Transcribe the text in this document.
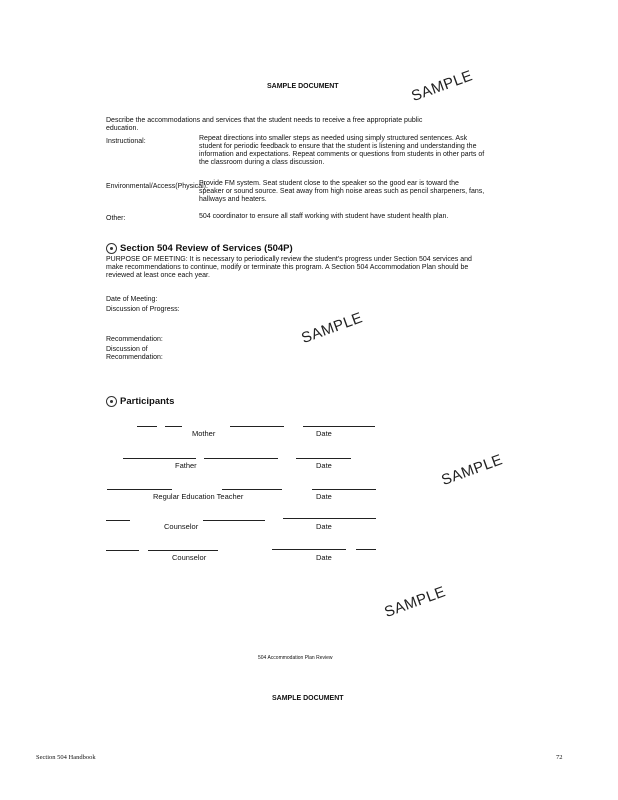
SAMPLE DOCUMENT	SAMPLE
SAMPLE
SAMPLE
SAMPLE
Describe the accommodations and services that the student needs to receive a free appropriate public
education.
Instructional:	Repeat directions into smaller steps as needed using simply structured sentences. Ask
student for periodic feedback to ensure that the student is listening and understanding the
information and expectations. Repeat comments or questions from students in other parts of
the classroom during a class discussion.
Environmental/Access(Physical):
Provide FM system. Seat student close to the speaker so the good ear is toward the
speaker or sound source. Seat away from high noise areas such as pencil sharpeners, fans,
hallways and heaters.
Other:	504 coordinator to ensure all staff working with student have student health plan.
Section 504 Review of Services (504P)
PURPOSE OF MEETING: It is necessary to periodically review the student's progress under Section 504 services and
make recommendations to continue, modify or terminate this program. A Section 504 Accommodation Plan should be
reviewed at least once each year.
Date of Meeting:
Discussion of Progress:
Recommendation:
Discussion of
Recommendation:
Participants
Mother	Date
Father	Date
Regular Education Teacher	Date
Counselor	Date
Counselor	Date
504 Accommodation Plan Review
SAMPLE DOCUMENT
Section 504 Handbook	72
